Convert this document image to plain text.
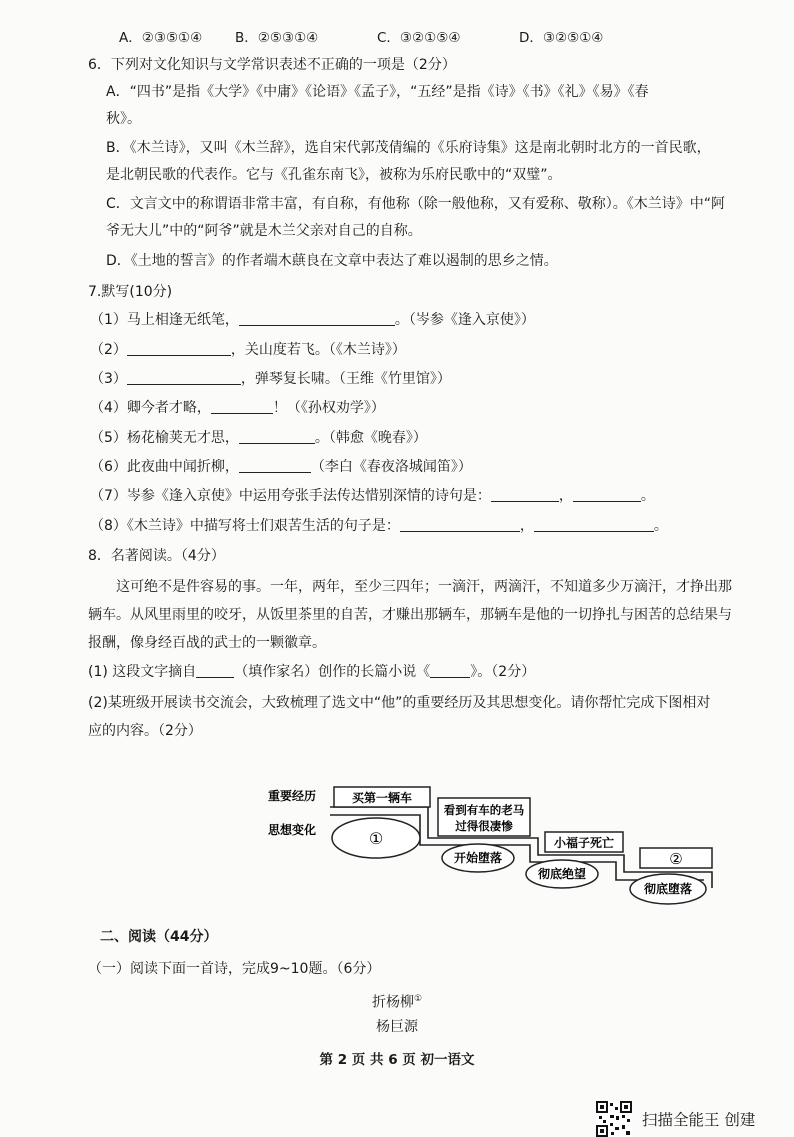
A．②③⑤①④ B．②⑤③①④	C．③②①⑤④	D．③②⑤①④
6．下列对文化知识与文学常识表述不正确的一项是（2分）
A．“四书”是指《大学》《中庸》《论语》《孟子》，“五经”是指《诗》《书》《礼》《易》《春
秋》。
B．《木兰诗》，又叫《木兰辞》，选自宋代郭茂倩编的《乐府诗集》这是南北朝时北方的一首民歌，
是北朝民歌的代表作。它与《孔雀东南飞》，被称为乐府民歌中的“双璧”。
C．文言文中的称谓语非常丰富，有自称，有他称（除一般他称，又有爱称、敬称）。《木兰诗》中“阿
爷无大儿”中的“阿爷”就是木兰父亲对自己的自称。
D．《土地的誓言》的作者端木蕻良在文章中表达了难以遏制的思乡之情。
7.默写(10分)
（1）马上相逢无纸笔，	。（岑参《逢入京使》）
（2）	，关山度若飞。（《木兰诗》）
（3）	，弹琴复长啸。（王维《竹里馆》）
（4）卿今者才略，	！（《孙权劝学》）
（5）杨花榆荚无才思，	。（韩愈《晚春》）
（6）此夜曲中闻折柳，	（李白《春夜洛城闻笛》）
（7）岑参《逢入京使》中运用夸张手法传达惜别深情的诗句是：	，	。
（8）《木兰诗》中描写将士们艰苦生活的句子是：	，	。
8．名著阅读。（4分）
这可绝不是件容易的事。一年，两年，至少三四年；一滴汗，两滴汗，不知道多少万滴汗，才挣出那
辆车。从风里雨里的咬牙，从饭里茶里的自苦，才赚出那辆车，那辆车是他的一切挣扎与困苦的总结果与
报酬，像身经百战的武士的一颗徽章。
(1) 这段文字摘自	（填作家名）创作的长篇小说《	》。（2分）
(2)某班级开展读书交流会，大致梳理了选文中“他”的重要经历及其思想变化。请你帮忙完成下图相对
应的内容。（2分）
重要经历
思想变化
买第一辆车
看到有车的老马
过得很凄惨
小福子死亡
②
①
开始堕落
彻底绝望
彻底堕落
二、阅读（44分）
（一）阅读下面一首诗，完成9~10题。（6分）
折杨柳①
杨巨源
第 2 页 共 6 页 初一语文
扫描全能王 创建
